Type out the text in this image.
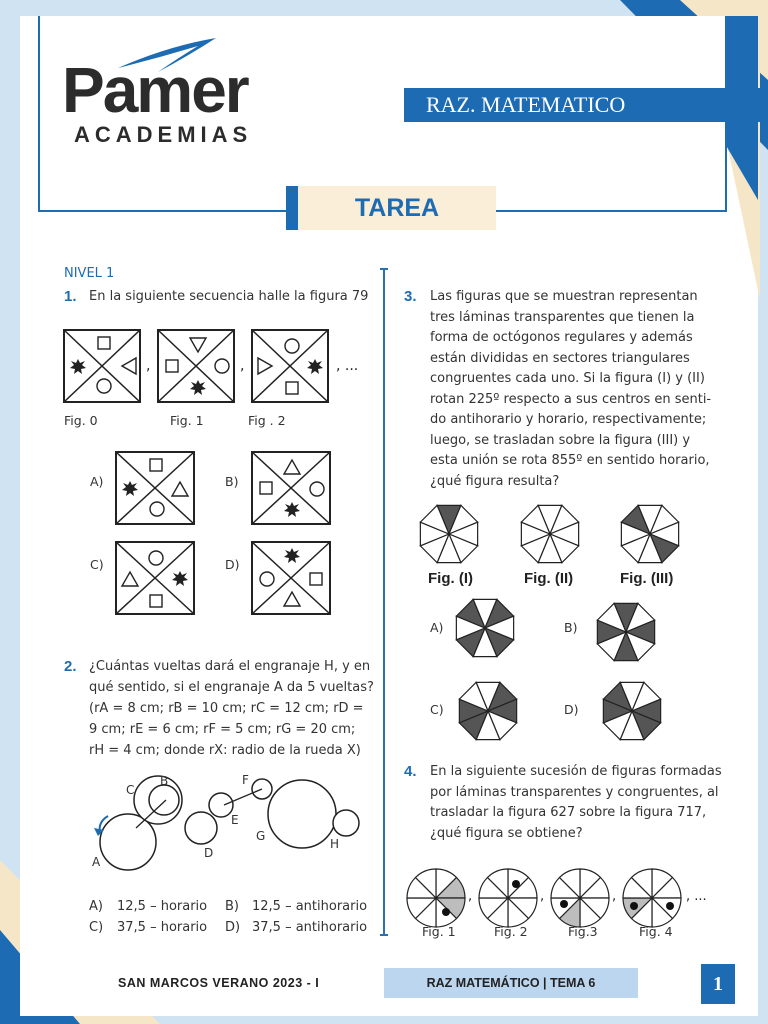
Pamer
ACADEMIAS
RAZ. MATEMATICO
TAREA
NIVEL 1
1. En la siguiente secuencia halle la figura 79
,	,	, ...
Fig. 0	Fig. 1	Fig . 2
A)	B)
C)	D)
2. ¿Cuántas vueltas dará el engranaje H, y en
qué sentido, si el engranaje A da 5 vueltas?
(rA = 8 cm; rB = 10 cm; rC = 12 cm; rD =
9 cm; rE = 6 cm; rF = 5 cm; rG = 20 cm;
rH = 4 cm; donde rX: radio de la rueda X)
A
B
C
D
E
F
G
H
A) 12,5 – horario B) 12,5 – antihorario
C) 37,5 – horario D) 37,5 – antihorario
3. Las figuras que se muestran representan
tres láminas transparentes que tienen la
forma de octógonos regulares y además
están divididas en sectores triangulares
congruentes cada uno. Si la figura (I) y (II)
rotan 225º respecto a sus centros en senti-
do antihorario y horario, respectivamente;
luego, se trasladan sobre la figura (III) y
esta unión se rota 855º en sentido horario,
¿qué figura resulta?
Fig. (I)	Fig. (II)	Fig. (III)
A)	B)
C)	D)
4. En la siguiente sucesión de figuras formadas
por láminas transparentes y congruentes, al
trasladar la figura 627 sobre la figura 717,
¿qué figura se obtiene?
,	,	,	, ...
Fig. 1	Fig. 2	Fig.3	Fig. 4
SAN MARCOS VERANO 2023 - I	RAZ MATEMÁTICO | TEMA 6	1
